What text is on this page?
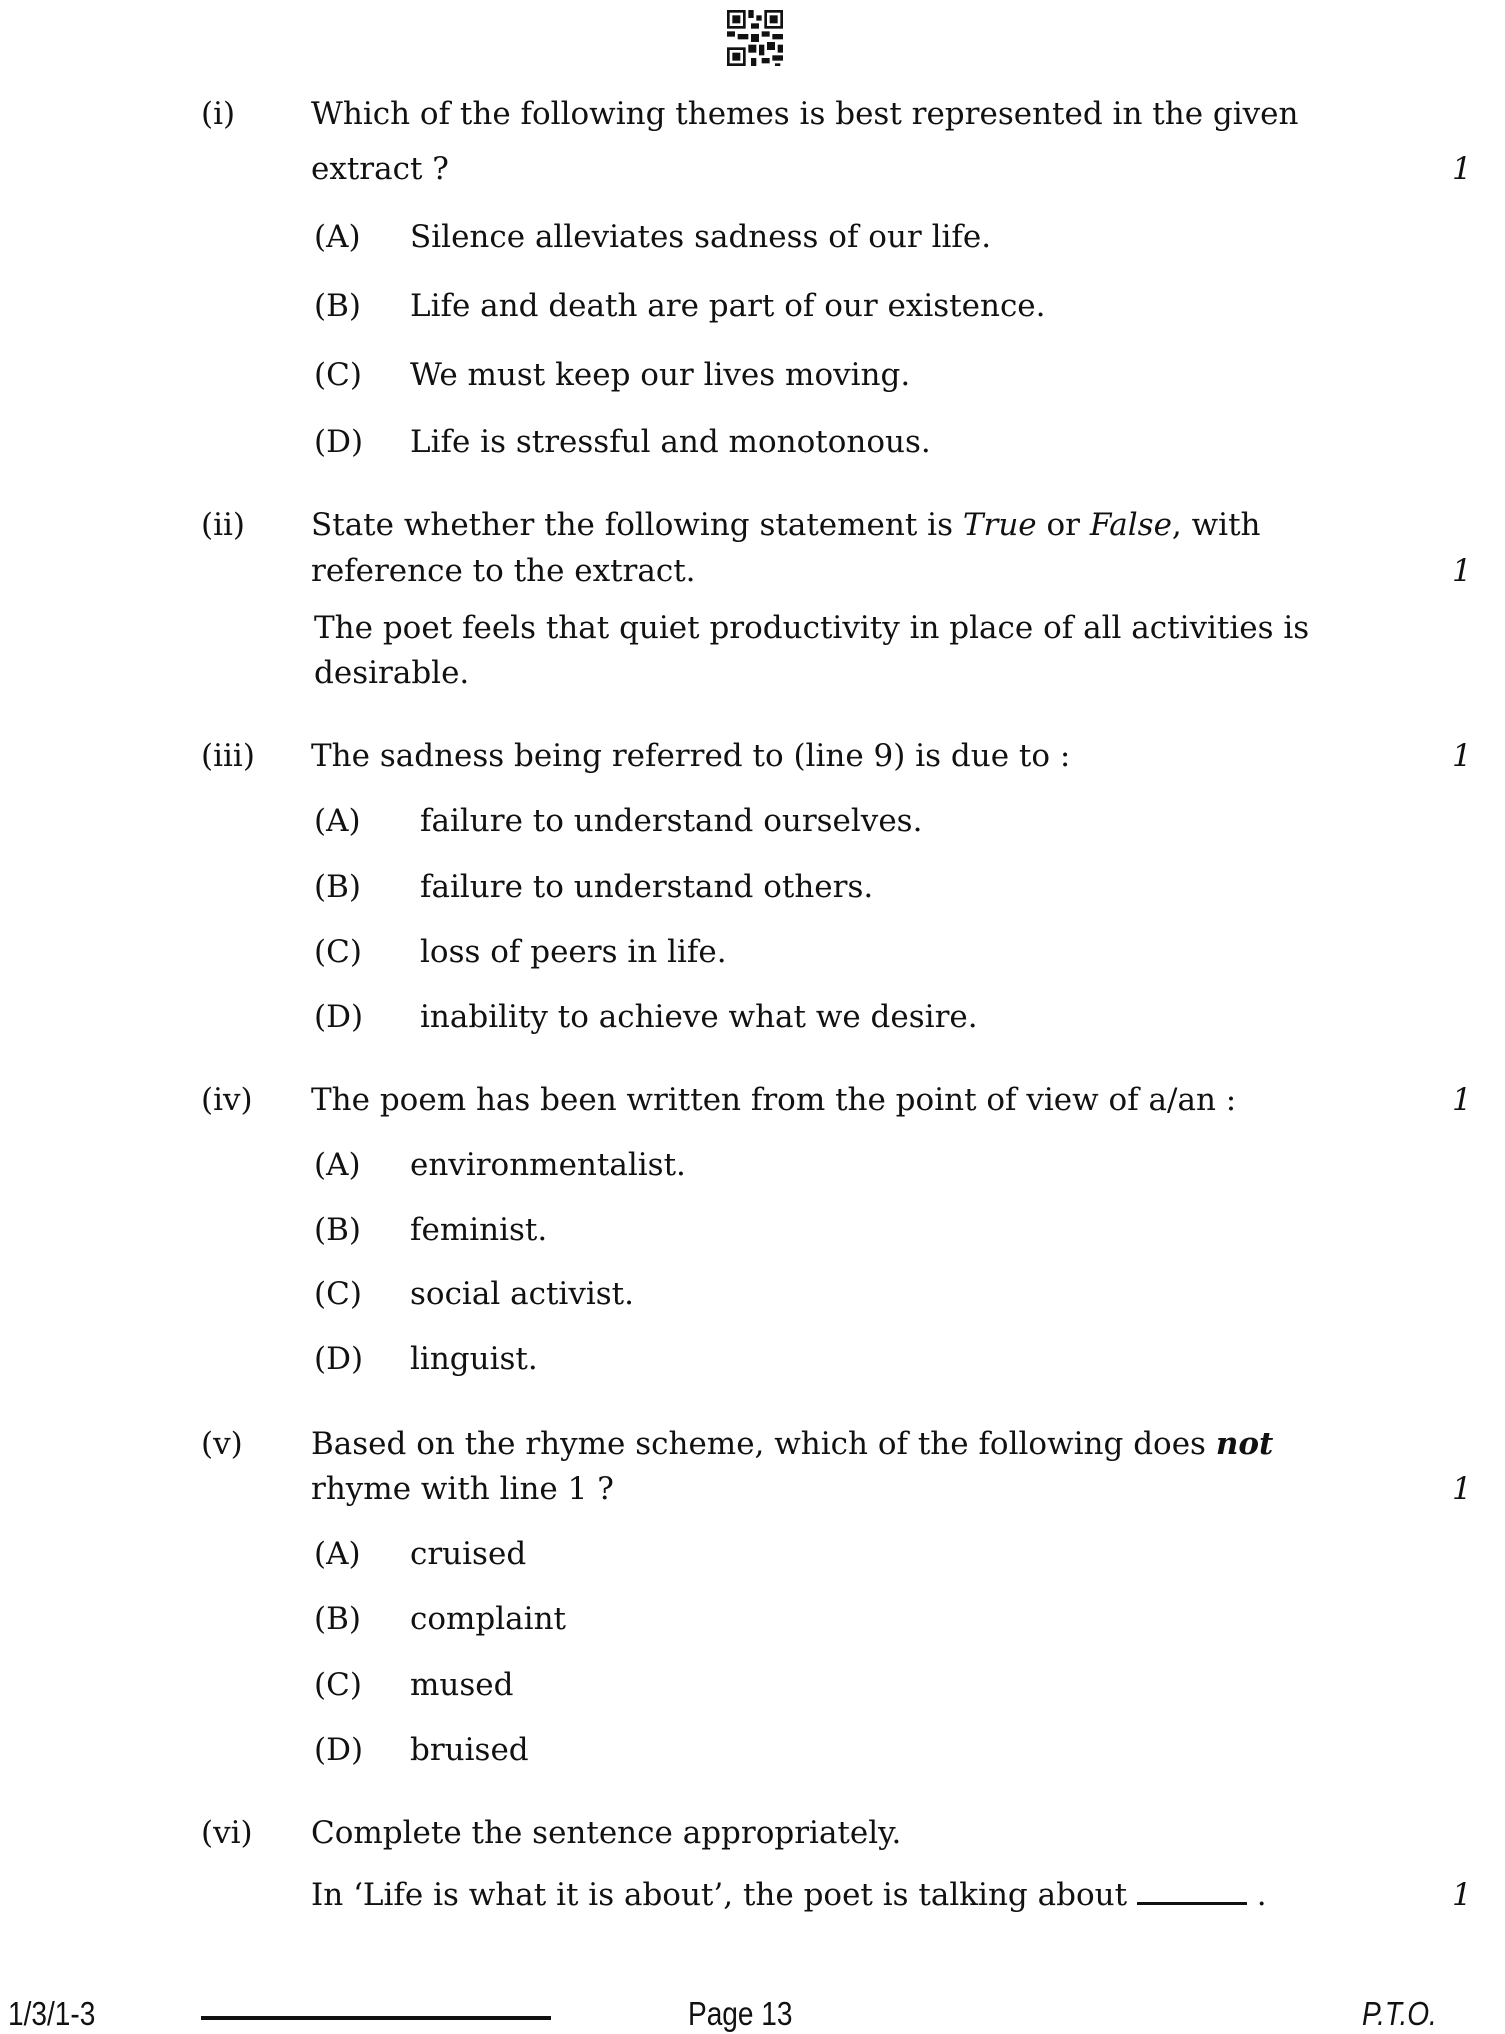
(i) Which of the following themes is best represented in the given
extract ?	1
(A) Silence alleviates sadness of our life.
(B) Life and death are part of our existence.
(C) We must keep our lives moving.
(D) Life is stressful and monotonous.
(ii) State whether the following statement is True or False, with
reference to the extract.	1
The poet feels that quiet productivity in place of all activities is
desirable.
(iii) The sadness being referred to (line 9) is due to :	1
(A) failure to understand ourselves.
(B) failure to understand others.
(C) loss of peers in life.
(D) inability to achieve what we desire.
(iv) The poem has been written from the point of view of a/an :	1
(A) environmentalist.
(B) feminist.
(C) social activist.
(D) linguist.
(v) Based on the rhyme scheme, which of the following does not
rhyme with line 1 ?	1
(A) cruised
(B) complaint
(C) mused
(D) bruised
(vi) Complete the sentence appropriately.
In ‘Life is what it is about’, the poet is talking about	.	1
1/3/1-3	Page 13	P.T.O.
